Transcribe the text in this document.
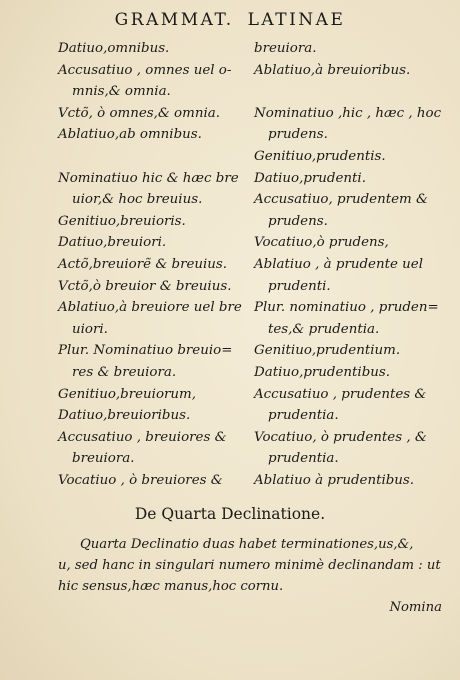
GRAMMAT. LATINAE
Datiuo,omnibus.
Accusatiuo , omnes uel o-
mnis,& omnia.
Vctõ, ò omnes,& omnia.
Ablatiuo,ab omnibus.
Nominatiuo hic & hæc bre
uior,& hoc breuius.
Genitiuo,breuioris.
Datiuo,breuiori.
Actõ,breuiorẽ & breuius.
Vctõ,ò breuior & breuius.
Ablatiuo,à breuiore uel bre
uiori.
Plur. Nominatiuo breuio=
res & breuiora.
Genitiuo,breuiorum,
Datiuo,breuioribus.
Accusatiuo , breuiores &
breuiora.
Vocatiuo , ò breuiores &
breuiora.
Ablatiuo,à breuioribus.
Nominatiuo ,hic , hæc , hoc
prudens.
Genitiuo,prudentis.
Datiuo,prudenti.
Accusatiuo, prudentem &
prudens.
Vocatiuo,ò prudens,
Ablatiuo , à prudente uel
prudenti.
Plur. nominatiuo , pruden=
tes,& prudentia.
Genitiuo,prudentium.
Datiuo,prudentibus.
Accusatiuo , prudentes &
prudentia.
Vocatiuo, ò prudentes , &
prudentia.
Ablatiuo à prudentibus.
De Quarta Declinatione.
Quarta Declinatio duas habet terminationes,us,&,
u, sed hanc in singulari numero minimè declinandam : ut
hic sensus,hæc manus,hoc cornu.
Nomina
